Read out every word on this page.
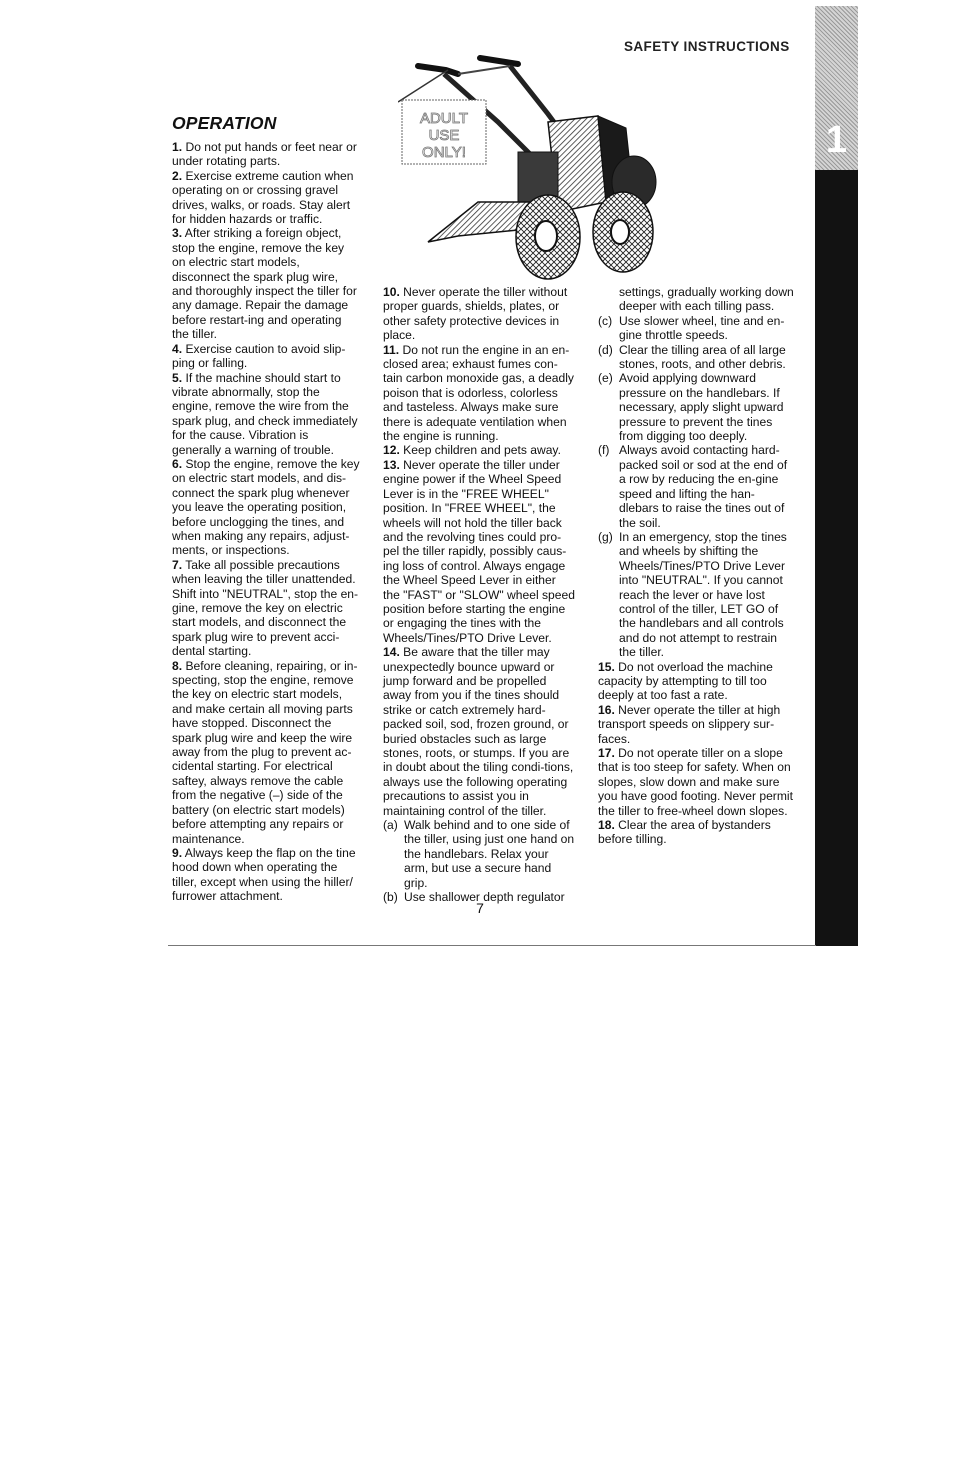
SAFETY INSTRUCTIONS
1
OPERATION

1. Do not put hands or feet near or under rotating parts.

2. Exercise extreme caution when operating on or crossing gravel drives, walks, or roads. Stay alert for hidden hazards or traffic.

3. After striking a foreign object, stop the engine, remove the key on electric start models, disconnect the spark plug wire, and thoroughly inspect the tiller for any damage. Repair the damage before restart-ing and operating the tiller.

4. Exercise caution to avoid slip-ping or falling.

5. If the machine should start to vibrate abnormally, stop the engine, remove the wire from the spark plug, and check immediately for the cause. Vibration is generally a warning of trouble.

6. Stop the engine, remove the key on electric start models, and dis-connect the spark plug whenever you leave the operating position, before unclogging the tines, and when making any repairs, adjust-ments, or inspections.

7. Take all possible precautions when leaving the tiller unattended. Shift into "NEUTRAL", stop the en-gine, remove the key on electric start models, and disconnect the spark plug wire to prevent acci-dental starting.

8. Before cleaning, repairing, or in-specting, stop the engine, remove the key on electric start models, and make certain all moving parts have stopped. Disconnect the spark plug wire and keep the wire away from the plug to prevent ac-cidental starting. For electrical saftey, always remove the cable from the negative (–) side of the battery (on electric start models) before attempting any repairs or maintenance.

9. Always keep the flap on the tine hood down when operating the tiller, except when using the hiller/ furrower attachment.

ADULT
USE
ONLY!

10. Never operate the tiller without proper guards, shields, plates, or other safety protective devices in place.

11. Do not run the engine in an en-closed area; exhaust fumes con-tain carbon monoxide gas, a deadly poison that is odorless, colorless and tasteless. Always make sure there is adequate ventilation when the engine is running.

12. Keep children and pets away.

13. Never operate the tiller under engine power if the Wheel Speed Lever is in the "FREE WHEEL" position. In "FREE WHEEL", the wheels will not hold the tiller back and the revolving tines could pro-pel the tiller rapidly, possibly caus-ing loss of control. Always engage the Wheel Speed Lever in either the "FAST" or "SLOW" wheel speed position before starting the engine or engaging the tines with the Wheels/Tines/PTO Drive Lever.

14. Be aware that the tiller may unexpectedly bounce upward or jump forward and be propelled away from you if the tines should strike or catch extremely hard-packed soil, sod, frozen ground, or buried obstacles such as large stones, roots, or stumps. If you are in doubt about the tiling condi-tions, always use the following operating precautions to assist you in maintaining control of the tiller.

(a) Walk behind and to one side of the tiller, using just one hand on the handlebars. Relax your arm, but use a secure hand grip.
(b) Use shallower depth regulator

settings, gradually working down deeper with each tilling pass.

(c) Use slower wheel, tine and en-gine throttle speeds.
(d) Clear the tilling area of all large stones, roots, and other debris.
(e) Avoid applying downward pressure on the handlebars. If necessary, apply slight upward pressure to prevent the tines from digging too deeply.
(f) Always avoid contacting hard-packed soil or sod at the end of a row by reducing the en-gine speed and lifting the han-dlebars to raise the tines out of the soil.
(g) In an emergency, stop the tines and wheels by shifting the Wheels/Tines/PTO Drive Lever into "NEUTRAL". If you cannot reach the lever or have lost control of the tiller, LET GO of the handlebars and all controls and do not attempt to restrain the tiller.

15. Do not overload the machine capacity by attempting to till too deeply at too fast a rate.

16. Never operate the tiller at high transport speeds on slippery sur-faces.

17. Do not operate tiller on a slope that is too steep for safety. When on slopes, slow down and make sure you have good footing. Never permit the tiller to free-wheel down slopes.

18. Clear the area of bystanders before tilling.

7
